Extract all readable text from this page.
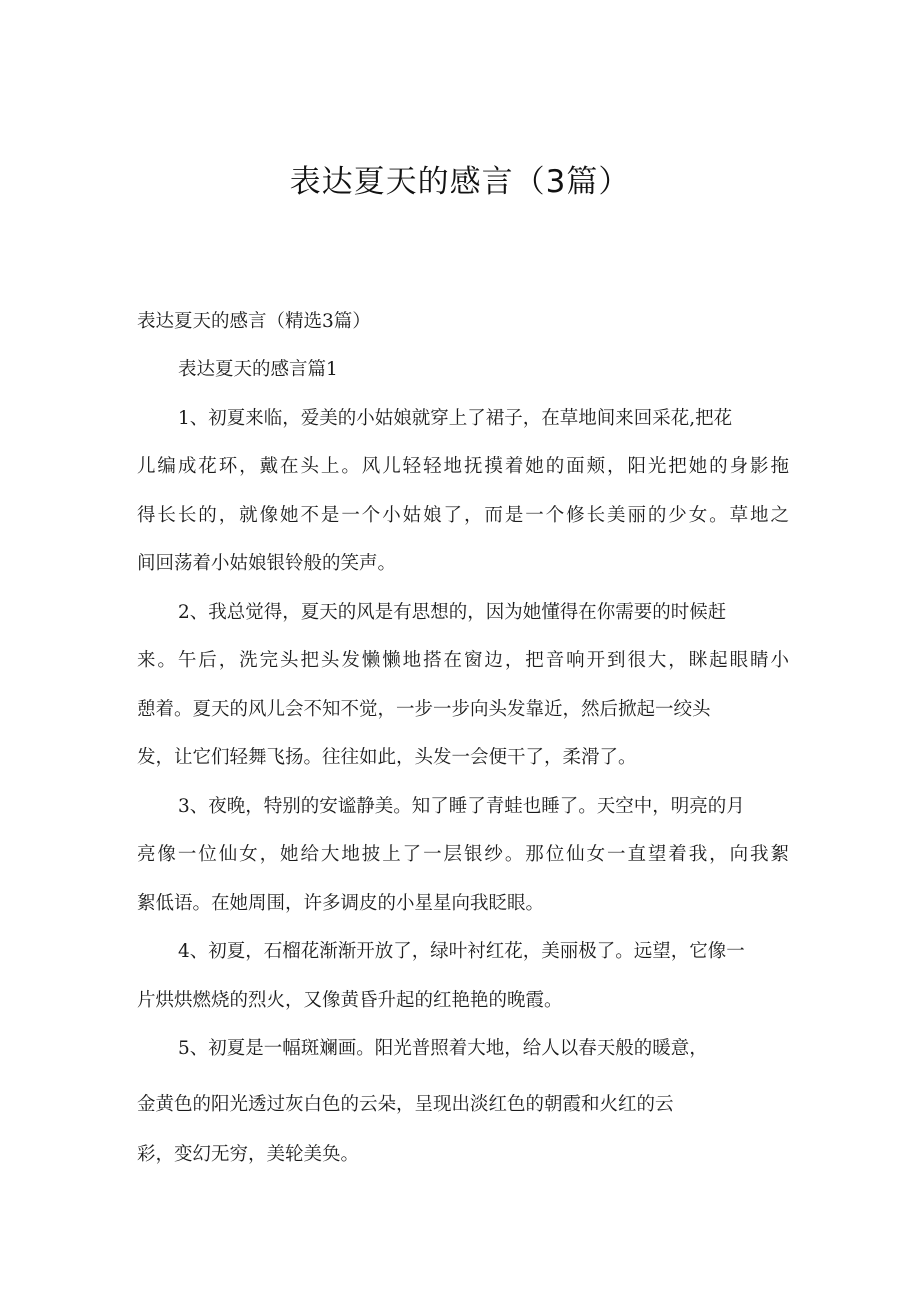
表达夏天的感言（3篇）
表达夏天的感言（精选3篇）
表达夏天的感言篇1
1、初夏来临，爱美的小姑娘就穿上了裙子，在草地间来回采花,把花
儿编成花环，戴在头上。风儿轻轻地抚摸着她的面颊，阳光把她的身影拖
得长长的，就像她不是一个小姑娘了，而是一个修长美丽的少女。草地之
间回荡着小姑娘银铃般的笑声。
2、我总觉得，夏天的风是有思想的，因为她懂得在你需要的时候赶
来。午后，洗完头把头发懒懒地搭在窗边，把音响开到很大，眯起眼睛小
憩着。夏天的风儿会不知不觉，一步一步向头发靠近，然后掀起一绞头
发，让它们轻舞飞扬。往往如此，头发一会便干了，柔滑了。
3、夜晚，特别的安谧静美。知了睡了青蛙也睡了。天空中，明亮的月
亮像一位仙女，她给大地披上了一层银纱。那位仙女一直望着我，向我絮
絮低语。在她周围，许多调皮的小星星向我眨眼。
4、初夏，石榴花渐渐开放了，绿叶衬红花，美丽极了。远望，它像一
片烘烘燃烧的烈火，又像黄昏升起的红艳艳的晚霞。
5、初夏是一幅斑斓画。阳光普照着大地，给人以春天般的暖意，
金黄色的阳光透过灰白色的云朵，呈现出淡红色的朝霞和火红的云
彩，变幻无穷，美轮美奂。
